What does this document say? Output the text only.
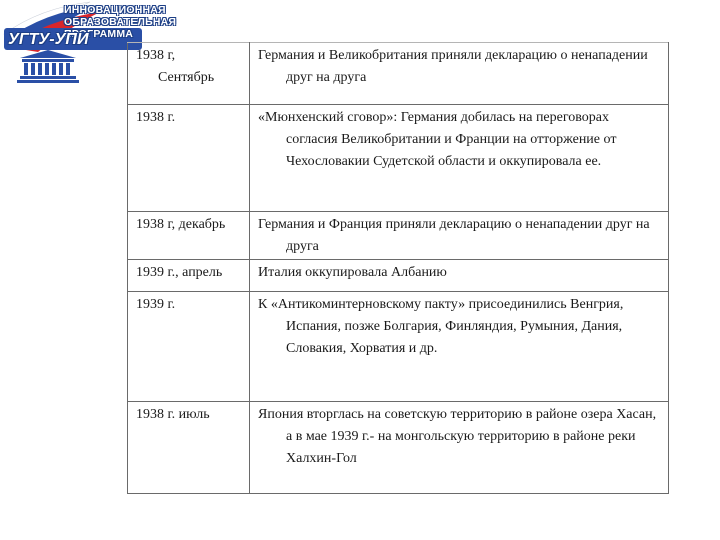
ИННОВАЦИОННАЯ
ОБРАЗОВАТЕЛЬНАЯ
ПРОГРАММА
УГТУ-УПИ
1938 г,
Сентябрь	Германия и Великобритания приняли декларацию о ненападении друг на друга

1938 г.	«Мюнхенский сговор»: Германия добилась на переговорах согласия Великобритании и Франции на отторжение от Чехословакии Судетской области и оккупировала ее.

1938 г, декабрь	Германия и Франция приняли декларацию о ненападении друг на друга

1939 г., апрель	Италия оккупировала Албанию

1939 г.	К «Антикоминтерновскому пакту» присоединились Венгрия, Испания, позже Болгария, Финляндия, Румыния, Дания, Словакия, Хорватия и др.

1938 г. июль	Япония вторглась на советскую территорию в районе озера Хасан, а в мае 1939 г.- на монгольскую территорию в районе реки Халхин-Гол
